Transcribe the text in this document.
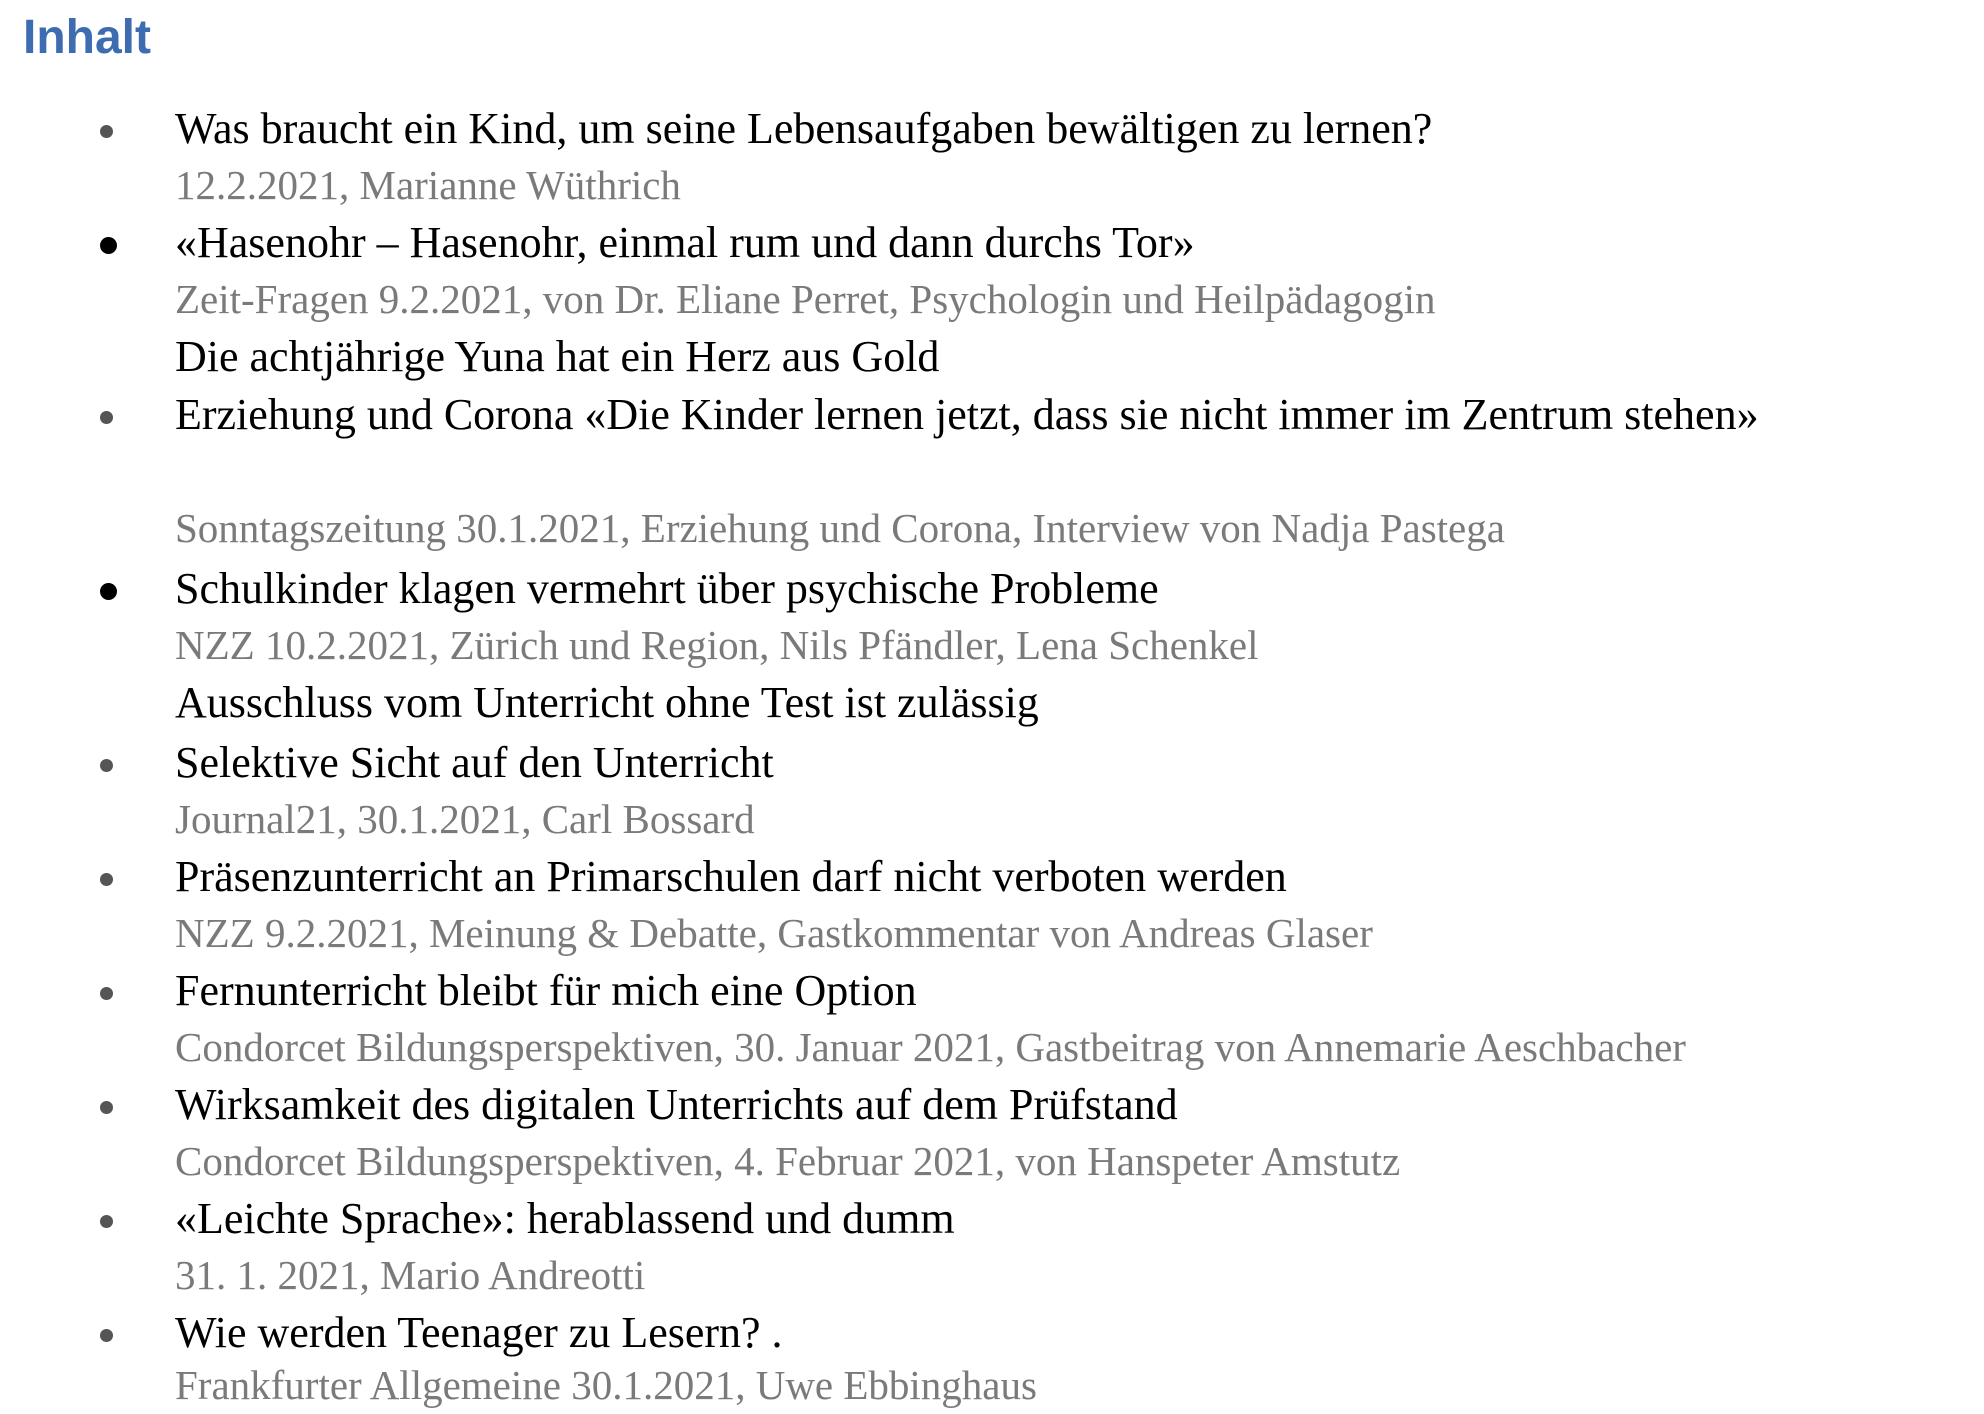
Inhalt
Was braucht ein Kind, um seine Lebensaufgaben bewältigen zu lernen?
12.2.2021, Marianne Wüthrich
«Hasenohr – Hasenohr, einmal rum und dann durchs Tor»
Zeit-Fragen 9.2.2021, von Dr. Eliane Perret, Psychologin und Heilpädagogin
Die achtjährige Yuna hat ein Herz aus Gold
Erziehung und Corona «Die Kinder lernen jetzt, dass sie nicht immer im Zentrum stehen»
Sonntagszeitung 30.1.2021, Erziehung und Corona, Interview von Nadja Pastega
Schulkinder klagen vermehrt über psychische Probleme
NZZ 10.2.2021, Zürich und Region, Nils Pfändler, Lena Schenkel
Ausschluss vom Unterricht ohne Test ist zulässig
Selektive Sicht auf den Unterricht
Journal21, 30.1.2021, Carl Bossard
Präsenzunterricht an Primarschulen darf nicht verboten werden
NZZ 9.2.2021, Meinung & Debatte, Gastkommentar von Andreas Glaser
Fernunterricht bleibt für mich eine Option
Condorcet Bildungsperspektiven, 30. Januar 2021, Gastbeitrag von Annemarie Aeschbacher
Wirksamkeit des digitalen Unterrichts auf dem Prüfstand
Condorcet Bildungsperspektiven, 4. Februar 2021, von Hanspeter Amstutz
«Leichte Sprache»: herablassend und dumm
31. 1. 2021, Mario Andreotti
Wie werden Teenager zu Lesern? .
Frankfurter Allgemeine 30.1.2021, Uwe Ebbinghaus
